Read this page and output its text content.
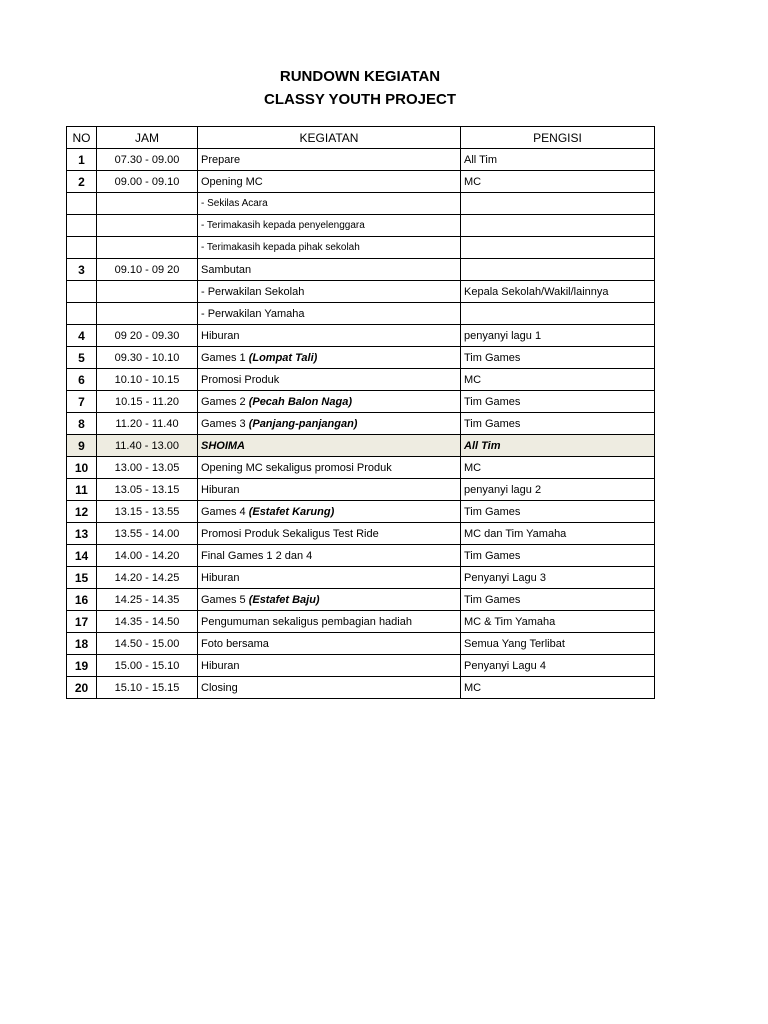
RUNDOWN KEGIATAN
CLASSY YOUTH PROJECT
NO	JAM	KEGIATAN	PENGISI
1	07.30 - 09.00	Prepare	All Tim
2	09.00 - 09.10	Opening MC	MC
		- Sekilas Acara	
		- Terimakasih kepada penyelenggara	
		- Terimakasih kepada pihak sekolah	
3	09.10 - 09 20	Sambutan	
		- Perwakilan Sekolah	Kepala Sekolah/Wakil/lainnya
		- Perwakilan Yamaha	
4	09 20 - 09.30	Hiburan	penyanyi lagu 1
5	09.30 - 10.10	Games 1 (Lompat Tali)	Tim Games
6	10.10 - 10.15	Promosi Produk	MC
7	10.15 - 11.20	Games 2 (Pecah Balon Naga)	Tim Games
8	11.20 - 11.40	Games 3 (Panjang-panjangan)	Tim Games
9	11.40 - 13.00	SHOIMA	All Tim
10	13.00 - 13.05	Opening MC sekaligus promosi Produk	MC
11	13.05 - 13.15	Hiburan	penyanyi lagu 2
12	13.15 - 13.55	Games 4 (Estafet Karung)	Tim Games
13	13.55 - 14.00	Promosi Produk Sekaligus Test Ride	MC dan Tim Yamaha
14	14.00 - 14.20	Final Games 1 2 dan 4	Tim Games
15	14.20 - 14.25	Hiburan	Penyanyi Lagu 3
16	14.25 - 14.35	Games 5 (Estafet Baju)	Tim Games
17	14.35 - 14.50	Pengumuman sekaligus pembagian hadiah	MC & Tim Yamaha
18	14.50 - 15.00	Foto bersama	Semua Yang Terlibat
19	15.00 - 15.10	Hiburan	Penyanyi Lagu 4
20	15.10 - 15.15	Closing	MC
